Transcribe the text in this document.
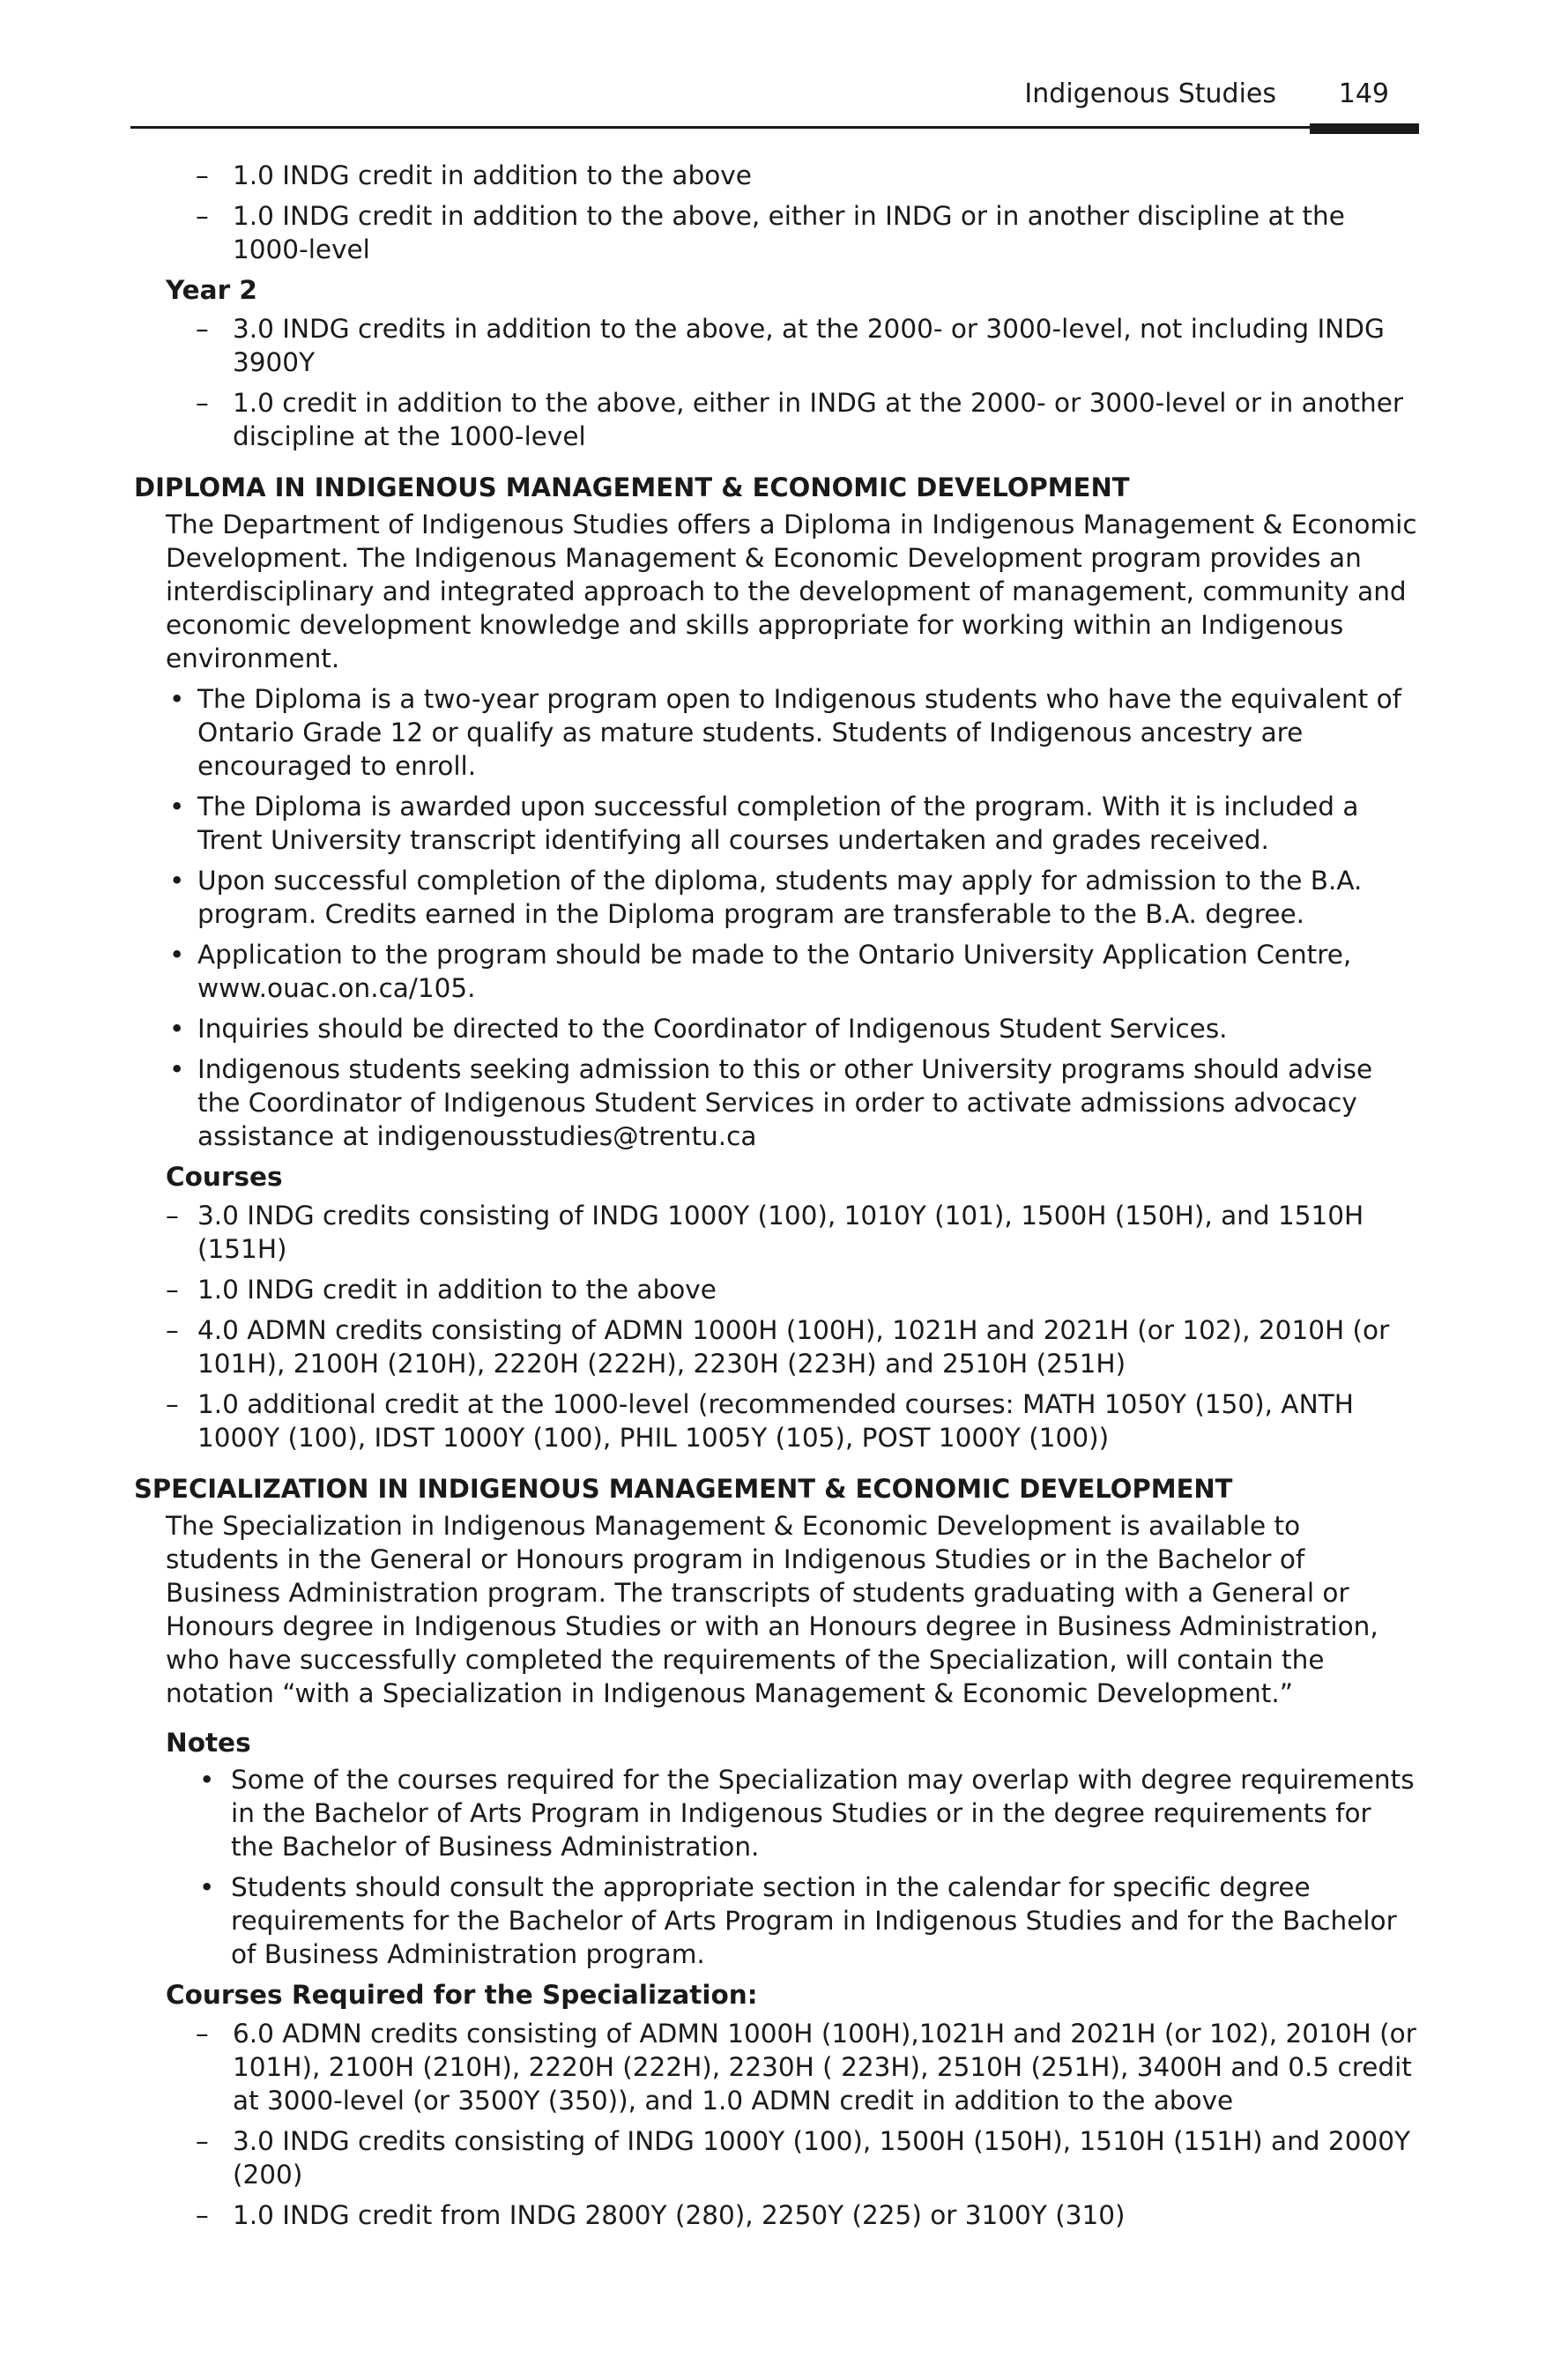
Indigenous Studies 149
– 1.0 INDG credit in addition to the above
– 1.0 INDG credit in addition to the above, either in INDG or in another discipline at the 1000-level
Year 2
– 3.0 INDG credits in addition to the above, at the 2000- or 3000-level, not including INDG 3900Y
– 1.0 credit in addition to the above, either in INDG at the 2000- or 3000-level or in another discipline at the 1000-level
DIPLOMA IN INDIGENOUS MANAGEMENT & ECONOMIC DEVELOPMENT
The Department of Indigenous Studies offers a Diploma in Indigenous Management & Economic Development. The Indigenous Management & Economic Development program provides an interdisciplinary and integrated approach to the development of management, community and economic development knowledge and skills appropriate for working within an Indigenous environment.
• The Diploma is a two-year program open to Indigenous students who have the equivalent of Ontario Grade 12 or qualify as mature students. Students of Indigenous ancestry are encouraged to enroll.
• The Diploma is awarded upon successful completion of the program. With it is included a Trent University transcript identifying all courses undertaken and grades received.
• Upon successful completion of the diploma, students may apply for admission to the B.A. program. Credits earned in the Diploma program are transferable to the B.A. degree.
• Application to the program should be made to the Ontario University Application Centre, www.ouac.on.ca/105.
• Inquiries should be directed to the Coordinator of Indigenous Student Services.
• Indigenous students seeking admission to this or other University programs should advise the Coordinator of Indigenous Student Services in order to activate admissions advocacy assistance at indigenousstudies@trentu.ca
Courses
– 3.0 INDG credits consisting of INDG 1000Y (100), 1010Y (101), 1500H (150H), and 1510H (151H)
– 1.0 INDG credit in addition to the above
– 4.0 ADMN credits consisting of ADMN 1000H (100H), 1021H and 2021H (or 102), 2010H (or 101H), 2100H (210H), 2220H (222H), 2230H (223H) and 2510H (251H)
– 1.0 additional credit at the 1000-level (recommended courses: MATH 1050Y (150), ANTH 1000Y (100), IDST 1000Y (100), PHIL 1005Y (105), POST 1000Y (100))
SPECIALIZATION IN INDIGENOUS MANAGEMENT & ECONOMIC DEVELOPMENT
The Specialization in Indigenous Management & Economic Development is available to students in the General or Honours program in Indigenous Studies or in the Bachelor of Business Administration program. The transcripts of students graduating with a General or Honours degree in Indigenous Studies or with an Honours degree in Business Administration, who have successfully completed the requirements of the Specialization, will contain the notation “with a Specialization in Indigenous Management & Economic Development.”
Notes
• Some of the courses required for the Specialization may overlap with degree requirements in the Bachelor of Arts Program in Indigenous Studies or in the degree requirements for the Bachelor of Business Administration.
• Students should consult the appropriate section in the calendar for specific degree requirements for the Bachelor of Arts Program in Indigenous Studies and for the Bachelor of Business Administration program.
Courses Required for the Specialization:
– 6.0 ADMN credits consisting of ADMN 1000H (100H),1021H and 2021H (or 102), 2010H (or 101H), 2100H (210H), 2220H (222H), 2230H ( 223H), 2510H (251H), 3400H and 0.5 credit at 3000-level (or 3500Y (350)), and 1.0 ADMN credit in addition to the above
– 3.0 INDG credits consisting of INDG 1000Y (100), 1500H (150H), 1510H (151H) and 2000Y (200)
– 1.0 INDG credit from INDG 2800Y (280), 2250Y (225) or 3100Y (310)
